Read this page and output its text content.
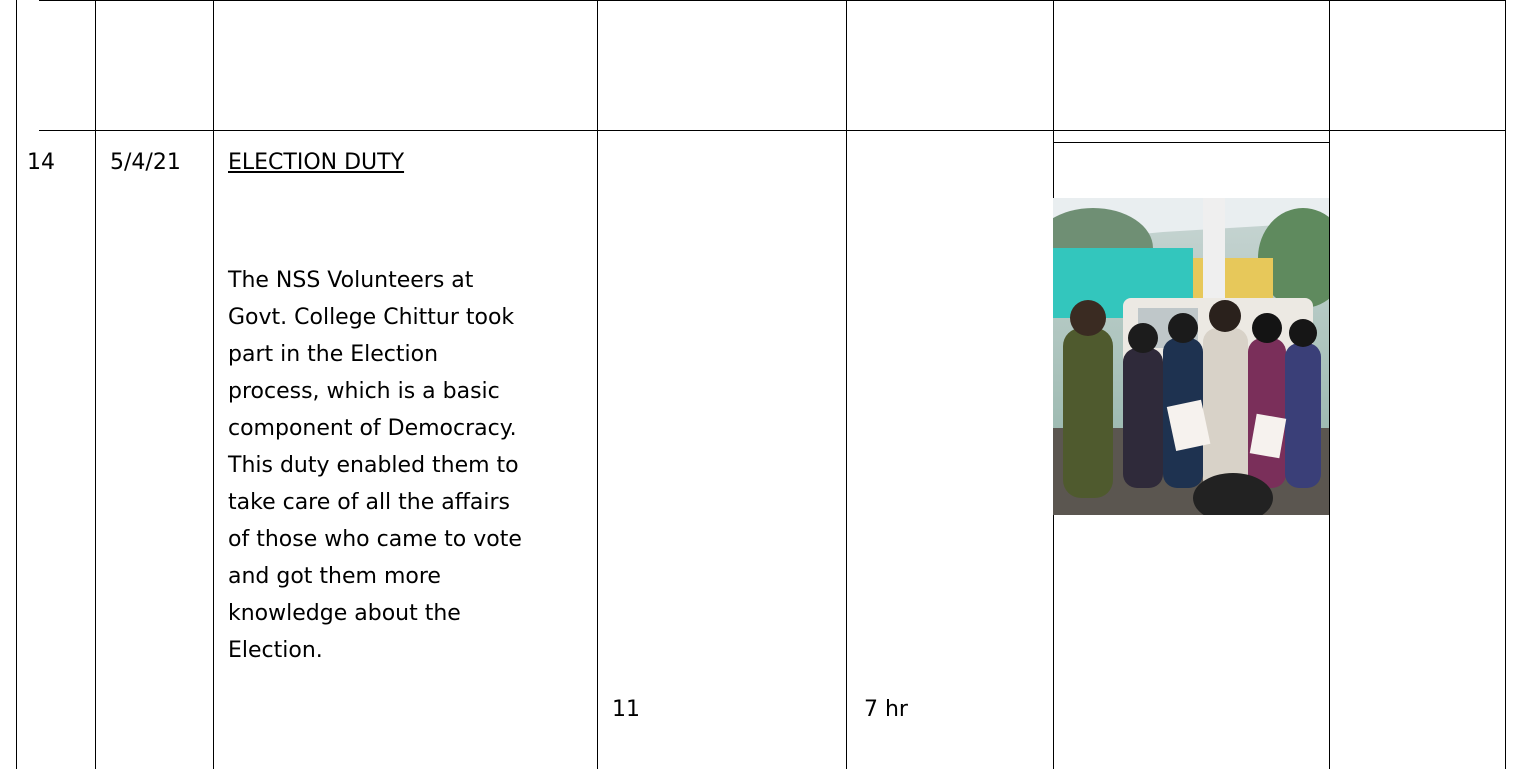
14	5/4/21 ELECTION DUTY
The NSS Volunteers at
Govt. College Chittur took
part in the Election
process, which is a basic
component of Democracy.
This duty enabled them to
take care of all the affairs
of those who came to vote
and got them more
knowledge about the
Election.
11	7 hr
